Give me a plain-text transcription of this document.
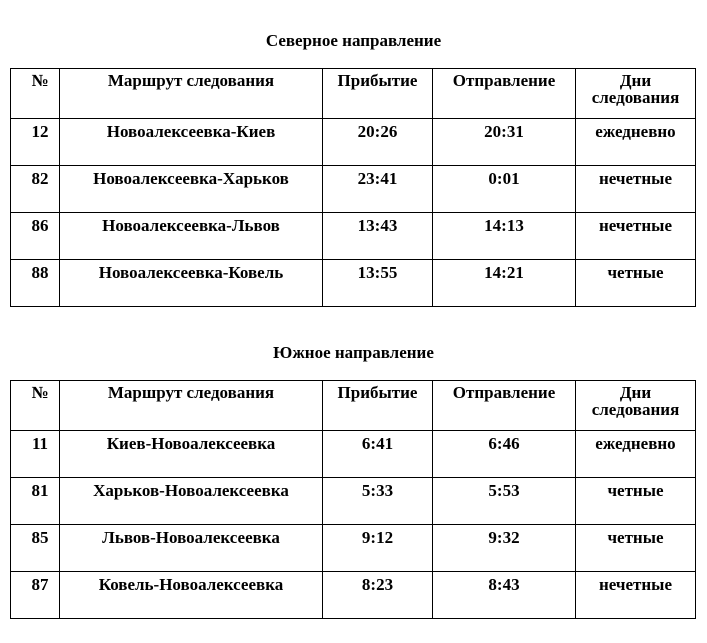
Северное направление
№	Маршрут следования	Прибытие	Отправление	Дни
следования
12	Новоалексеевка-Киев	20:26	20:31	ежедневно
82	Новоалексеевка-Харьков	23:41	0:01	нечетные
86	Новоалексеевка-Львов	13:43	14:13	нечетные
88	Новоалексеевка-Ковель	13:55	14:21	четные
Южное направление
№	Маршрут следования	Прибытие	Отправление	Дни
следования
11	Киев-Новоалексеевка	6:41	6:46	ежедневно
81	Харьков-Новоалексеевка	5:33	5:53	четные
85	Львов-Новоалексеевка	9:12	9:32	четные
87	Ковель-Новоалексеевка	8:23	8:43	нечетные
